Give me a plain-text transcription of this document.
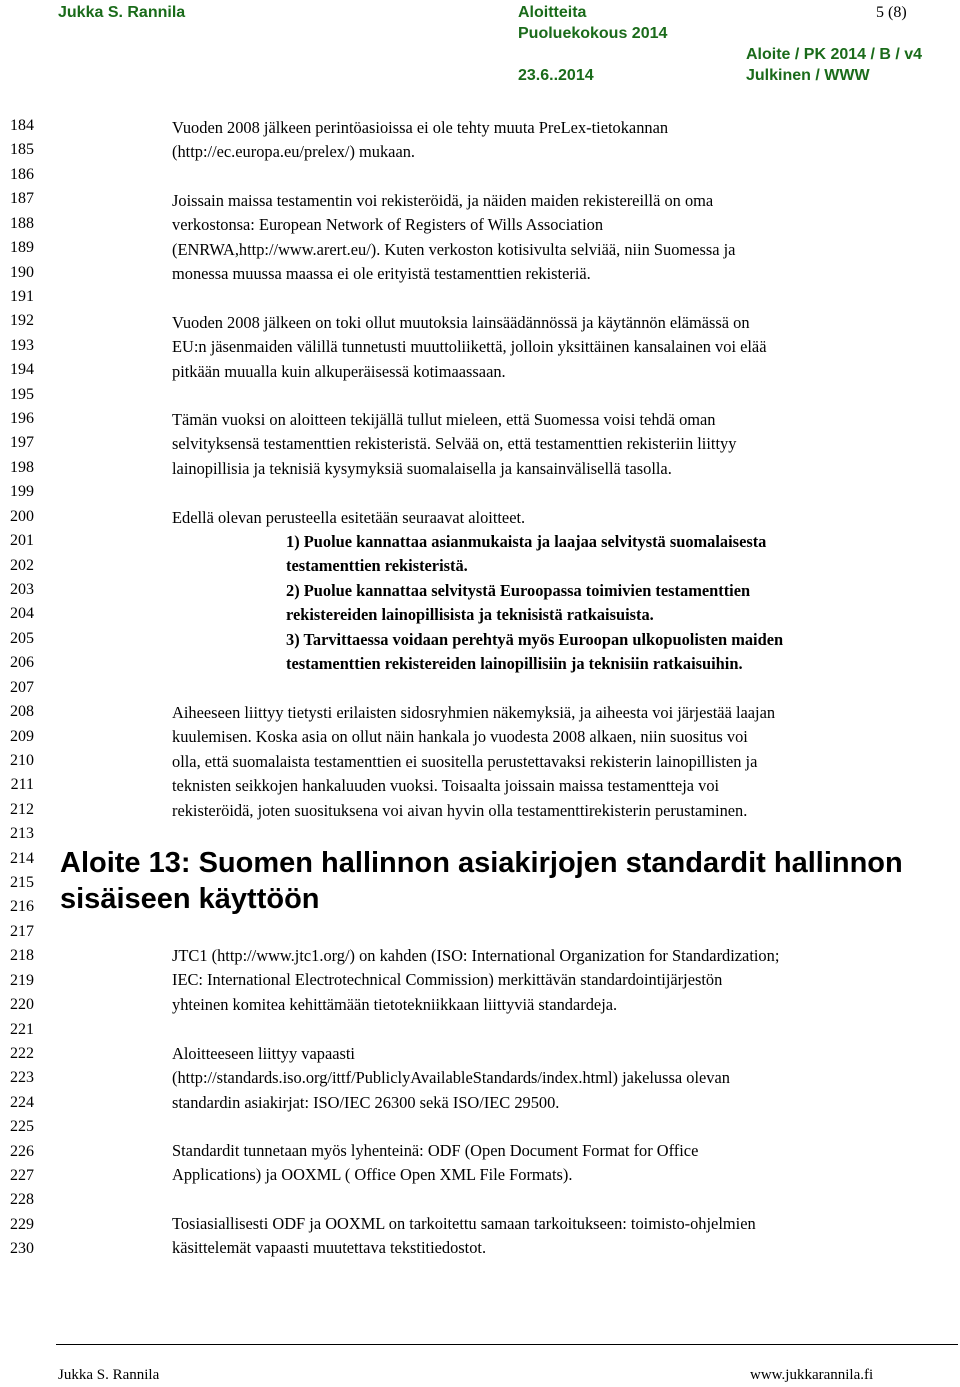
Jukka S. Rannila	Aloitteita	5 (8)
Puoluekokous 2014
Aloite / PK 2014 / B / v4
23.6..2014	Julkinen / WWW
184
185
186
187
188
189
190
191
192
193
194
195
196
197
198
199
200
201
202
203
204
205
206
207
208
209
210
211
212
213
214
215
216
217
218
219
220
221
222
223
224
225
226
227
228
229
230

Vuoden 2008 jälkeen perintöasioissa ei ole tehty muuta PreLex-tietokannan
(http://ec.europa.eu/prelex/) mukaan.

Joissain maissa testamentin voi rekisteröidä, ja näiden maiden rekistereillä on oma
verkostonsa: European Network of Registers of Wills Association
(ENRWA,http://www.arert.eu/). Kuten verkoston kotisivulta selviää, niin Suomessa ja
monessa muussa maassa ei ole erityistä testamenttien rekisteriä.

Vuoden 2008 jälkeen on toki ollut muutoksia lainsäädännössä ja käytännön elämässä on
EU:n jäsenmaiden välillä tunnetusti muuttoliikettä, jolloin yksittäinen kansalainen voi elää
pitkään muualla kuin alkuperäisessä kotimaassaan.

Tämän vuoksi on aloitteen tekijällä tullut mieleen, että Suomessa voisi tehdä oman
selvityksensä testamenttien rekisteristä. Selvää on, että testamenttien rekisteriin liittyy
lainopillisia ja teknisiä kysymyksiä suomalaisella ja kansainvälisellä tasolla.

Edellä olevan perusteella esitetään seuraavat aloitteet.

1) Puolue kannattaa asianmukaista ja laajaa selvitystä suomalaisesta
testamenttien rekisteristä.

2) Puolue kannattaa selvitystä Euroopassa toimivien testamenttien
rekistereiden lainopillisista ja teknisistä ratkaisuista.

3) Tarvittaessa voidaan perehtyä myös Euroopan ulkopuolisten maiden
testamenttien rekistereiden lainopillisiin ja teknisiin ratkaisuihin.

Aiheeseen liittyy tietysti erilaisten sidosryhmien näkemyksiä, ja aiheesta voi järjestää laajan
kuulemisen. Koska asia on ollut näin hankala jo vuodesta 2008 alkaen, niin suositus voi
olla, että suomalaista testamenttien ei suositella perustettavaksi rekisterin lainopillisten ja
teknisten seikkojen hankaluuden vuoksi. Toisaalta joissain maissa testamentteja voi
rekisteröidä, joten suosituksena voi aivan hyvin olla testamenttirekisterin perustaminen.

Aloite 13: Suomen hallinnon asiakirjojen standardit hallinnon
sisäiseen käyttöön

JTC1 (http://www.jtc1.org/) on kahden (ISO: International Organization for Standardization;
IEC: International Electrotechnical Commission) merkittävän standardointijärjestön
yhteinen komitea kehittämään tietotekniikkaan liittyviä standardeja.

Aloitteeseen liittyy vapaasti
(http://standards.iso.org/ittf/PubliclyAvailableStandards/index.html) jakelussa olevan
standardin asiakirjat: ISO/IEC 26300 sekä ISO/IEC 29500.

Standardit tunnetaan myös lyhenteinä: ODF (Open Document Format for Office
Applications) ja OOXML ( Office Open XML File Formats).

Tosiasiallisesti ODF ja OOXML on tarkoitettu samaan tarkoitukseen: toimisto-ohjelmien
käsittelemät vapaasti muutettava tekstitiedostot.

Jukka S. Rannila	www.jukkarannila.fi
